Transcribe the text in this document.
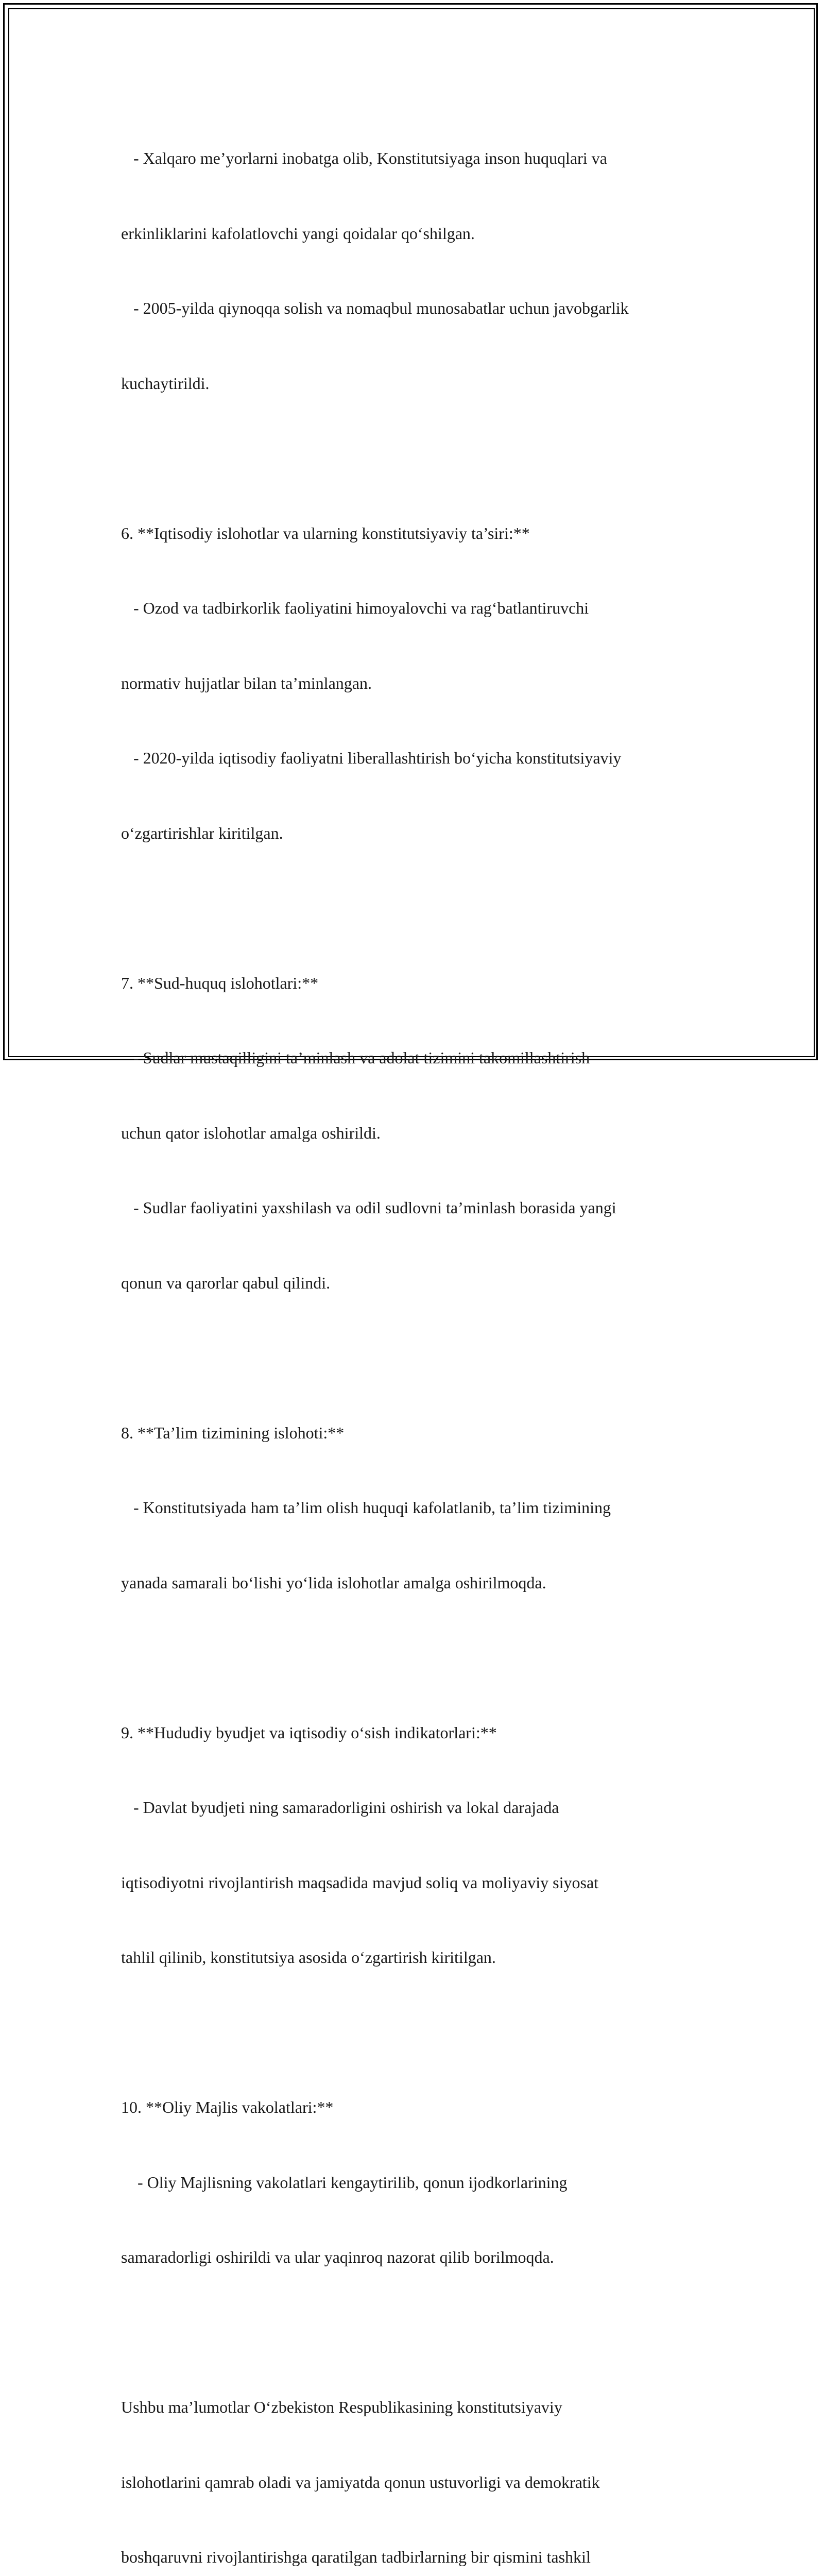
- Xalqaro me’yorlarni inobatga olib, Konstitutsiyaga inson huquqlari va

erkinliklarini kafolatlovchi yangi qoidalar qo‘shilgan.

- 2005-yilda qiynoqqa solish va nomaqbul munosabatlar uchun javobgarlik

kuchaytirildi.

6. **Iqtisodiy islohotlar va ularning konstitutsiyaviy ta’siri:**

- Ozod va tadbirkorlik faoliyatini himoyalovchi va rag‘batlantiruvchi

normativ hujjatlar bilan ta’minlangan.

- 2020-yilda iqtisodiy faoliyatni liberallashtirish bo‘yicha konstitutsiyaviy

o‘zgartirishlar kiritilgan.

7. **Sud-huquq islohotlari:**

- Sudlar mustaqilligini ta’minlash va adolat tizimini takomillashtirish

uchun qator islohotlar amalga oshirildi.

- Sudlar faoliyatini yaxshilash va odil sudlovni ta’minlash borasida yangi

qonun va qarorlar qabul qilindi.

8. **Ta’lim tizimining islohoti:**

- Konstitutsiyada ham ta’lim olish huquqi kafolatlanib, ta’lim tizimining

yanada samarali bo‘lishi yo‘lida islohotlar amalga oshirilmoqda.

9. **Hududiy byudjet va iqtisodiy o‘sish indikatorlari:**

- Davlat byudjeti ning samaradorligini oshirish va lokal darajada

iqtisodiyotni rivojlantirish maqsadida mavjud soliq va moliyaviy siyosat

tahlil qilinib, konstitutsiya asosida o‘zgartirish kiritilgan.

10. **Oliy Majlis vakolatlari:**

- Oliy Majlisning vakolatlari kengaytirilib, qonun ijodkorlarining

samaradorligi oshirildi va ular yaqinroq nazorat qilib borilmoqda.

Ushbu ma’lumotlar O‘zbekiston Respublikasining konstitutsiyaviy

islohotlarini qamrab oladi va jamiyatda qonun ustuvorligi va demokratik

boshqaruvni rivojlantirishga qaratilgan tadbirlarning bir qismini tashkil
